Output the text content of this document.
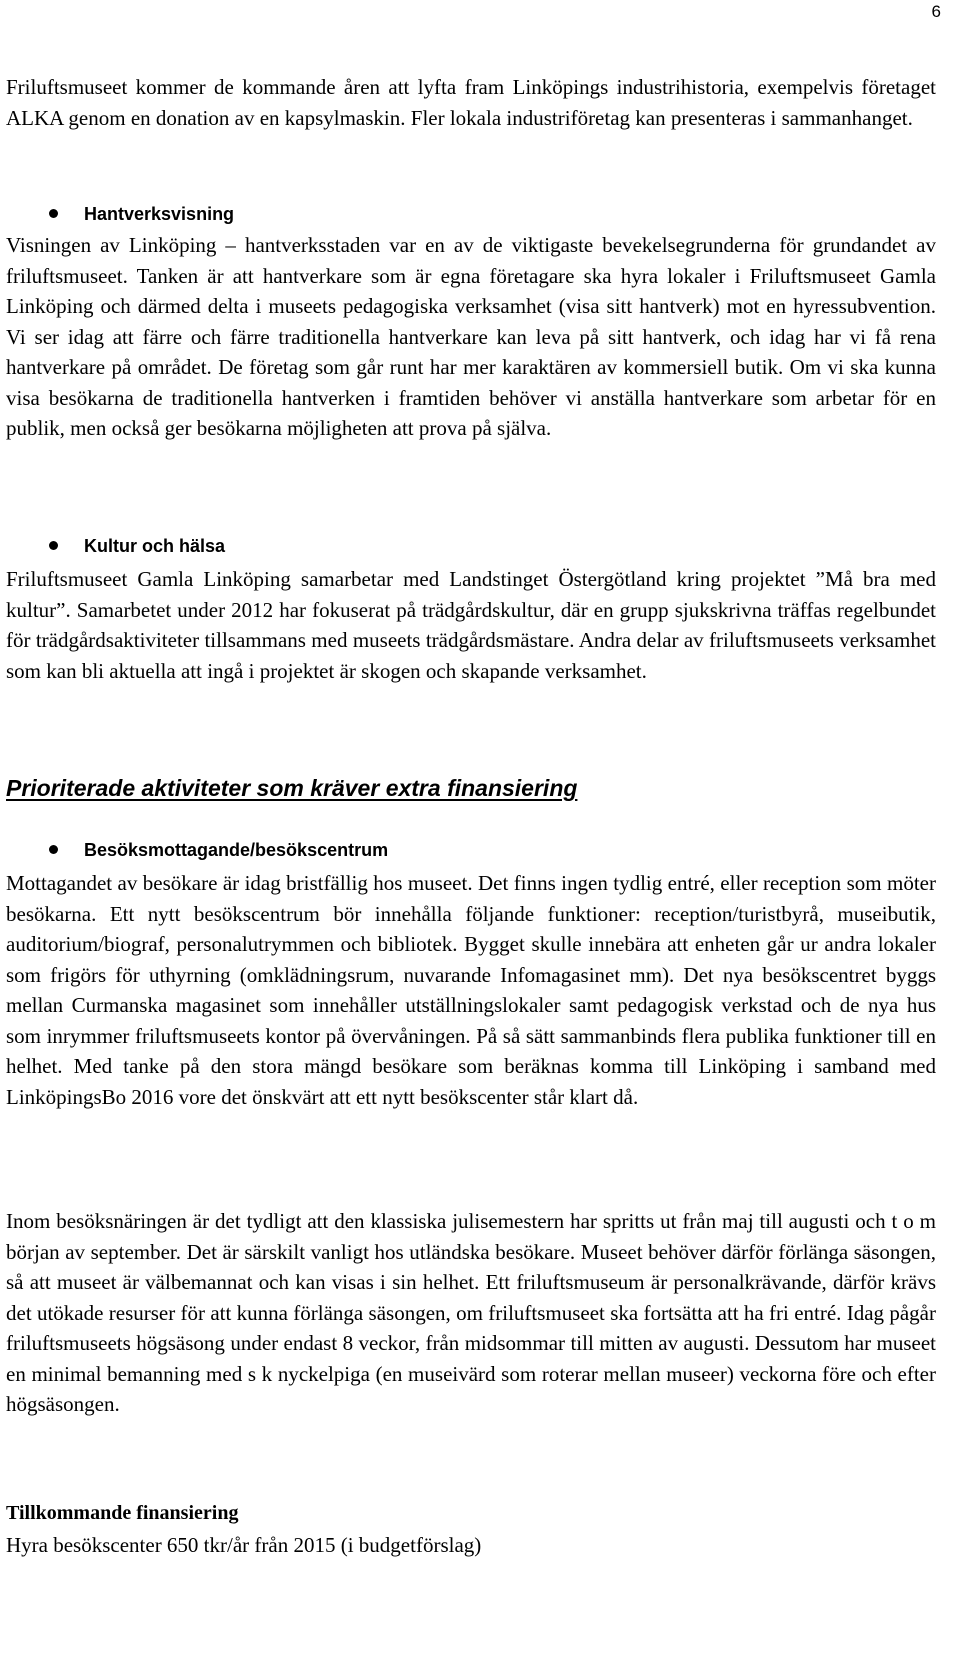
6

Friluftsmuseet kommer de kommande åren att lyfta fram Linköpings industrihistoria, exempelvis företaget ALKA genom en donation av en kapsylmaskin. Fler lokala industriföretag kan presenteras i sammanhanget.

Hantverksvisning

Visningen av Linköping – hantverksstaden var en av de viktigaste bevekelsegrunderna för grundandet av friluftsmuseet. Tanken är att hantverkare som är egna företagare ska hyra lokaler i Friluftsmuseet Gamla Linköping och därmed delta i museets pedagogiska verksamhet (visa sitt hantverk) mot en hyressubvention. Vi ser idag att färre och färre traditionella hantverkare kan leva på sitt hantverk, och idag har vi få rena hantverkare på området. De företag som går runt har mer karaktären av kommersiell butik. Om vi ska kunna visa besökarna de traditionella hantverken i framtiden behöver vi anställa hantverkare som arbetar för en publik, men också ger besökarna möjligheten att prova på själva.

Kultur och hälsa

Friluftsmuseet Gamla Linköping samarbetar med Landstinget Östergötland kring projektet ”Må bra med kultur”. Samarbetet under 2012 har fokuserat på trädgårdskultur, där en grupp sjukskrivna träffas regelbundet för trädgårdsaktiviteter tillsammans med museets trädgårdsmästare. Andra delar av friluftsmuseets verksamhet som kan bli aktuella att ingå i projektet är skogen och skapande verksamhet.

Prioriterade aktiviteter som kräver extra finansiering
Besöksmottagande/besökscentrum

Mottagandet av besökare är idag bristfällig hos museet. Det finns ingen tydlig entré, eller reception som möter besökarna. Ett nytt besökscentrum bör innehålla följande funktioner: reception/turistbyrå, museibutik, auditorium/biograf, personalutrymmen och bibliotek. Bygget skulle innebära att enheten går ur andra lokaler som frigörs för uthyrning (omklädningsrum, nuvarande Infomagasinet mm). Det nya besökscentret byggs mellan Curmanska magasinet som innehåller utställningslokaler samt pedagogisk verkstad och de nya hus som inrymmer friluftsmuseets kontor på övervåningen. På så sätt sammanbinds flera publika funktioner till en helhet. Med tanke på den stora mängd besökare som beräknas komma till Linköping i samband med LinköpingsBo 2016 vore det önskvärt att ett nytt besökscenter står klart då.

Inom besöksnäringen är det tydligt att den klassiska julisemestern har spritts ut från maj till augusti och t o m början av september. Det är särskilt vanligt hos utländska besökare. Museet behöver därför förlänga säsongen, så att museet är välbemannat och kan visas i sin helhet. Ett friluftsmuseum är personalkrävande, därför krävs det utökade resurser för att kunna förlänga säsongen, om friluftsmuseet ska fortsätta att ha fri entré. Idag pågår friluftsmuseets högsäsong under endast 8 veckor, från midsommar till mitten av augusti. Dessutom har museet en minimal bemanning med s k nyckelpiga (en museivärd som roterar mellan museer) veckorna före och efter högsäsongen.

Tillkommande finansiering
Hyra besökscenter 650 tkr/år från 2015 (i budgetförslag)
